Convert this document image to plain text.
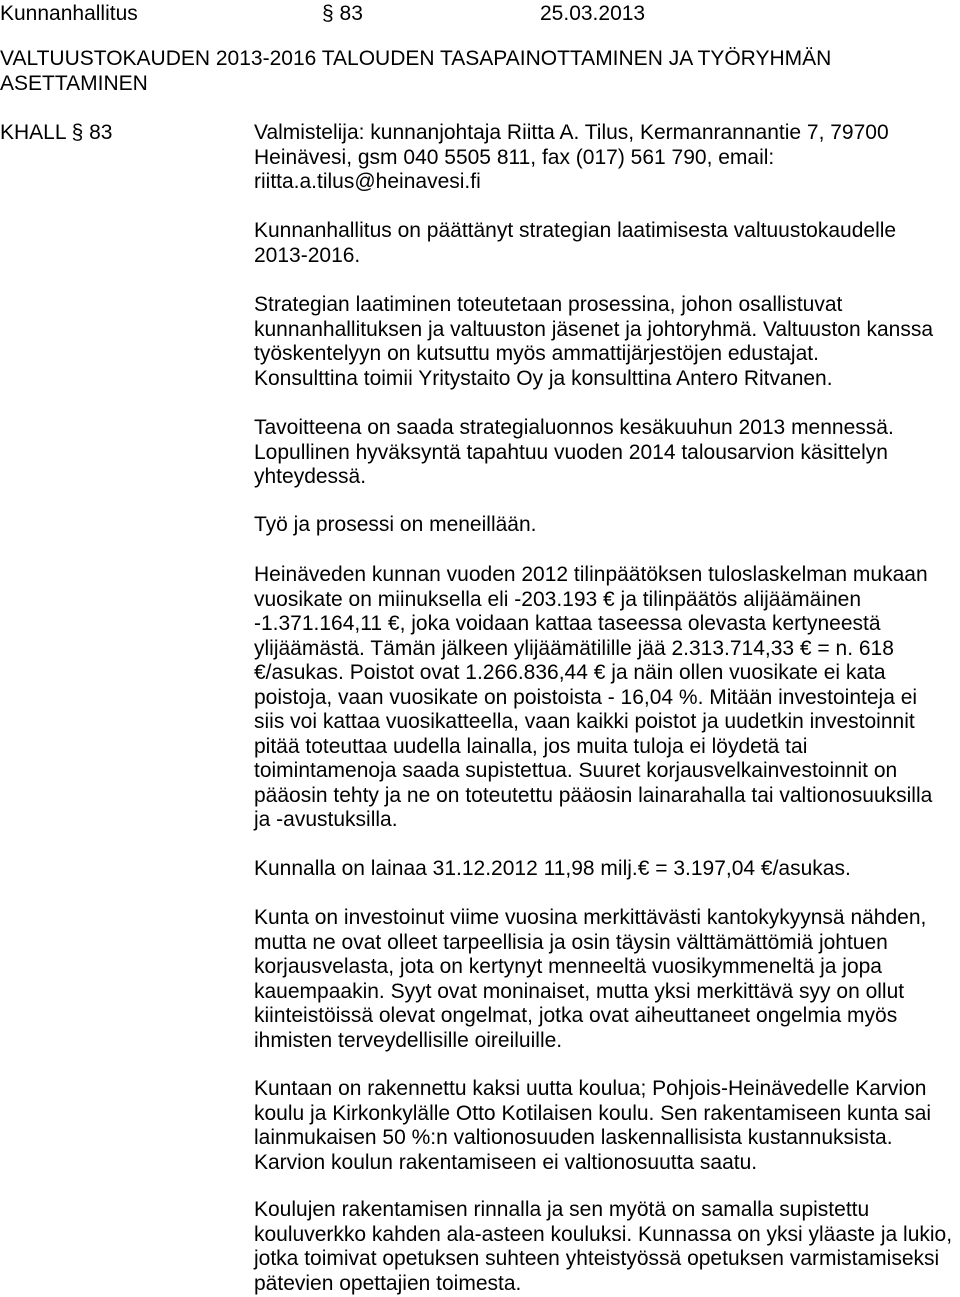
Kunnanhallitus	§ 83	25.03.2013
VALTUUSTOKAUDEN 2013-2016 TALOUDEN TASAPAINOTTAMINEN JA TYÖRYHMÄN
ASETTAMINEN
KHALL § 83	Valmistelija: kunnanjohtaja Riitta A. Tilus, Kermanrannantie 7, 79700
Heinävesi, gsm 040 5505 811, fax (017) 561 790, email:
riitta.a.tilus@heinavesi.fi
Kunnanhallitus on päättänyt strategian laatimisesta valtuustokaudelle
2013-2016.
Strategian laatiminen toteutetaan prosessina, johon osallistuvat
kunnanhallituksen ja valtuuston jäsenet ja johtoryhmä. Valtuuston kanssa
työskentelyyn on kutsuttu myös ammattijärjestöjen edustajat.
Konsulttina toimii Yritystaito Oy ja konsulttina Antero Ritvanen.
Tavoitteena on saada strategialuonnos kesäkuuhun 2013 mennessä.
Lopullinen hyväksyntä tapahtuu vuoden 2014 talousarvion käsittelyn
yhteydessä.
Työ ja prosessi on meneillään.
Heinäveden kunnan vuoden 2012 tilinpäätöksen tuloslaskelman mukaan
vuosikate on miinuksella eli -203.193 € ja tilinpäätös alijäämäinen
-1.371.164,11 €, joka voidaan kattaa taseessa olevasta kertyneestä
ylijäämästä. Tämän jälkeen ylijäämätilille jää 2.313.714,33 € = n. 618
€/asukas. Poistot ovat 1.266.836,44 € ja näin ollen vuosikate ei kata
poistoja, vaan vuosikate on poistoista - 16,04 %. Mitään investointeja ei
siis voi kattaa vuosikatteella, vaan kaikki poistot ja uudetkin investoinnit
pitää toteuttaa uudella lainalla, jos muita tuloja ei löydetä tai
toimintamenoja saada supistettua. Suuret korjausvelkainvestoinnit on
pääosin tehty ja ne on toteutettu pääosin lainarahalla tai valtionosuuksilla
ja -avustuksilla.
Kunnalla on lainaa 31.12.2012 11,98 milj.€ = 3.197,04 €/asukas.
Kunta on investoinut viime vuosina merkittävästi kantokykyynsä nähden,
mutta ne ovat olleet tarpeellisia ja osin täysin välttämättömiä johtuen
korjausvelasta, jota on kertynyt menneeltä vuosikymmeneltä ja jopa
kauempaakin. Syyt ovat moninaiset, mutta yksi merkittävä syy on ollut
kiinteistöissä olevat ongelmat, jotka ovat aiheuttaneet ongelmia myös
ihmisten terveydellisille oireiluille.
Kuntaan on rakennettu kaksi uutta koulua; Pohjois-Heinävedelle Karvion
koulu ja Kirkonkylälle Otto Kotilaisen koulu. Sen rakentamiseen kunta sai
lainmukaisen 50 %:n valtionosuuden laskennallisista kustannuksista.
Karvion koulun rakentamiseen ei valtionosuutta saatu.
Koulujen rakentamisen rinnalla ja sen myötä on samalla supistettu
kouluverkko kahden ala-asteen kouluksi. Kunnassa on yksi yläaste ja lukio,
jotka toimivat opetuksen suhteen yhteistyössä opetuksen varmistamiseksi
pätevien opettajien toimesta.
